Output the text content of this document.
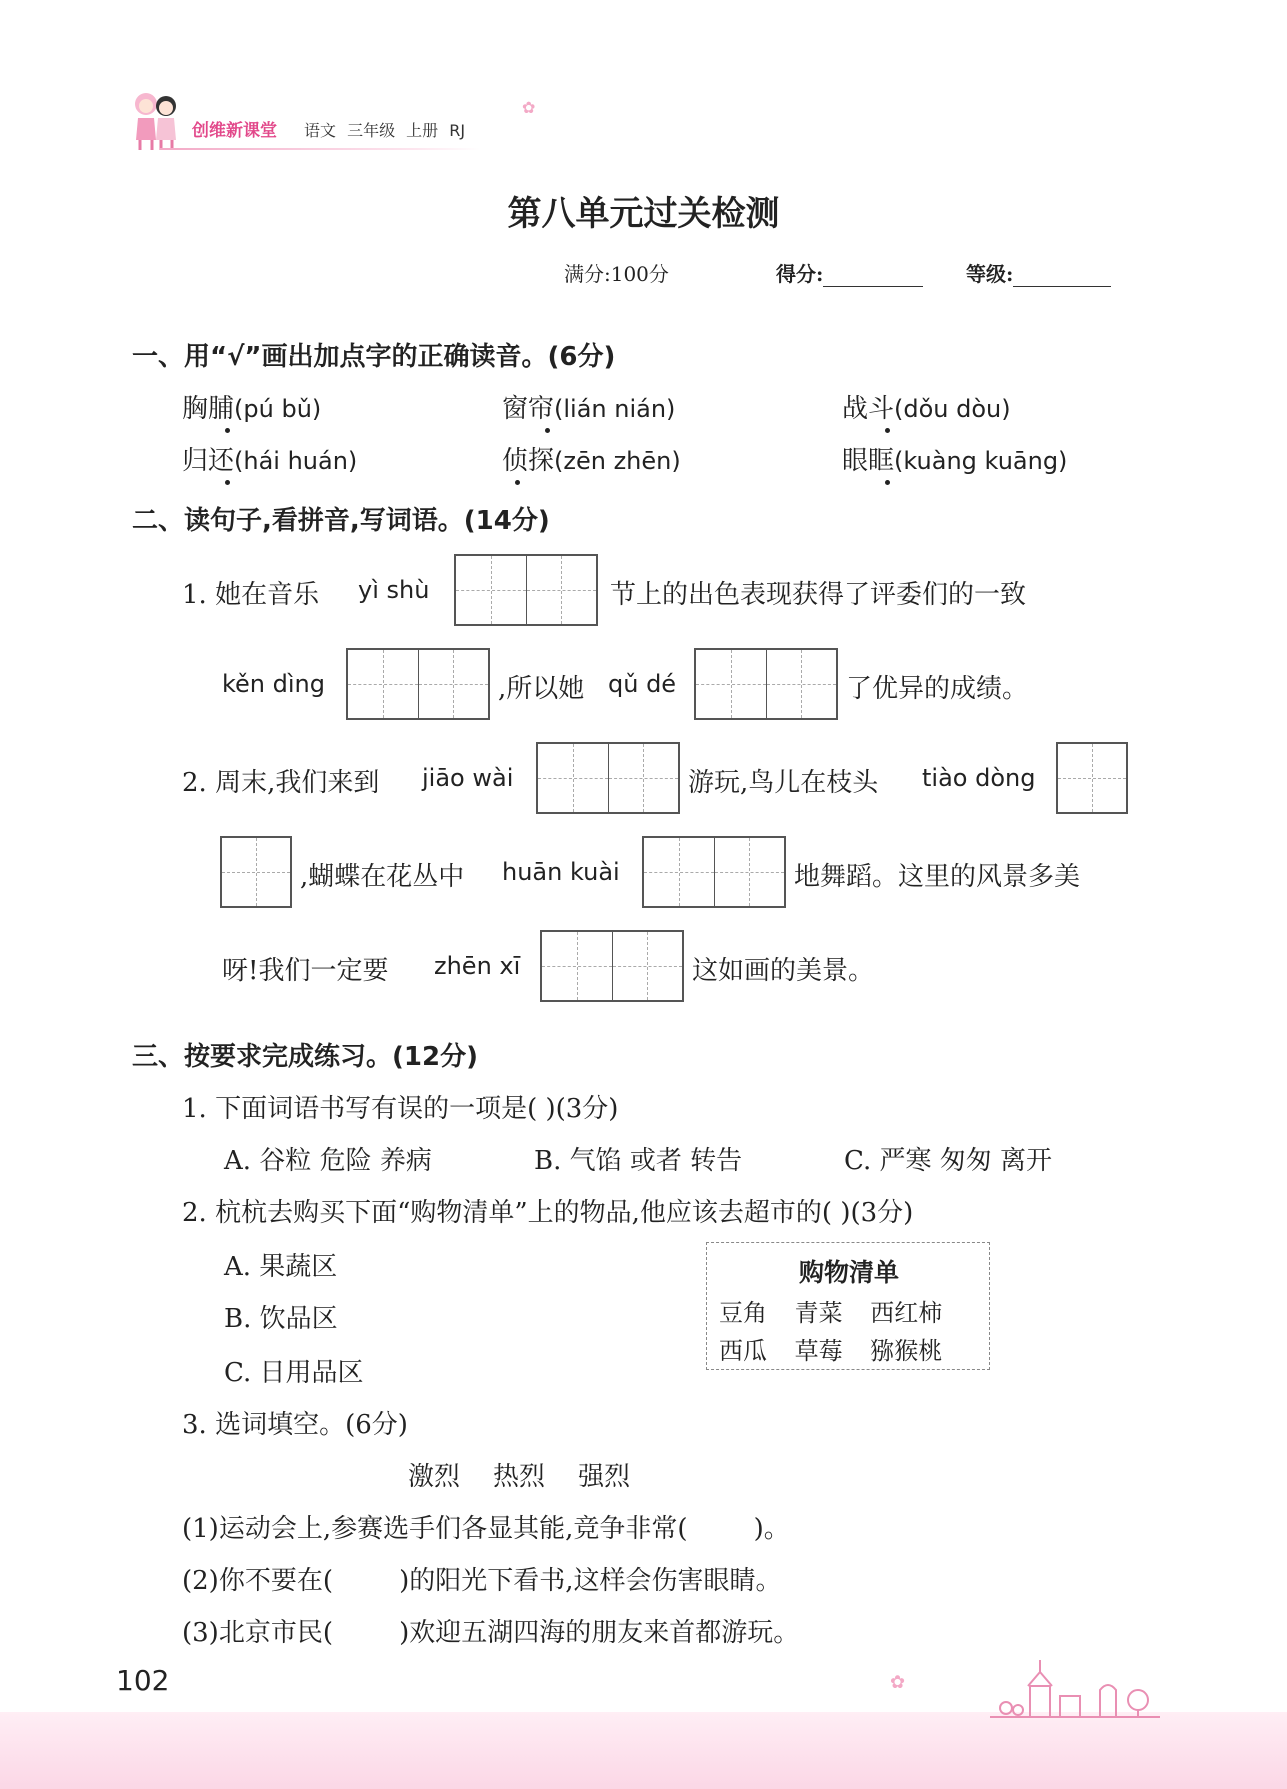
创维新课堂 语文 三年级 上册 RJ
✿
第八单元过关检测
满分:100分	得分:	等级:
一、用“√”画出加点字的正确读音。(6分)
胸脯(pú bǔ)	窗帘(lián nián)	战斗(dǒu dòu)
归还(hái huán)	侦探(zēn zhēn)	眼眶(kuàng kuāng)
二、读句子,看拼音,写词语。(14分)
1. 她在音乐 yì shù	节上的出色表现获得了评委们的一致
kěn dìng	,所以她 qǔ dé	了优异的成绩。
2. 周末,我们来到 jiāo wài	游玩,鸟儿在枝头 tiào dòng
,蝴蝶在花丛中 huān kuài	地舞蹈。这里的风景多美
呀!我们一定要 zhēn xī	这如画的美景。
三、按要求完成练习。(12分)
1. 下面词语书写有误的一项是( )(3分)
A. 谷粒 危险 养病	B. 气馅 或者 转告	C. 严寒 匆匆 离开
2. 杭杭去购买下面“购物清单”上的物品,他应该去超市的( )(3分)
A. 果蔬区
B. 饮品区
C. 日用品区
购物清单
豆角 青菜 西红柿
西瓜 草莓 猕猴桃
3. 选词填空。(6分)
激烈    热烈    强烈
(1)运动会上,参赛选手们各显其能,竞争非常(        )。
(2)你不要在(        )的阳光下看书,这样会伤害眼睛。
(3)北京市民(        )欢迎五湖四海的朋友来首都游玩。
102	✿
